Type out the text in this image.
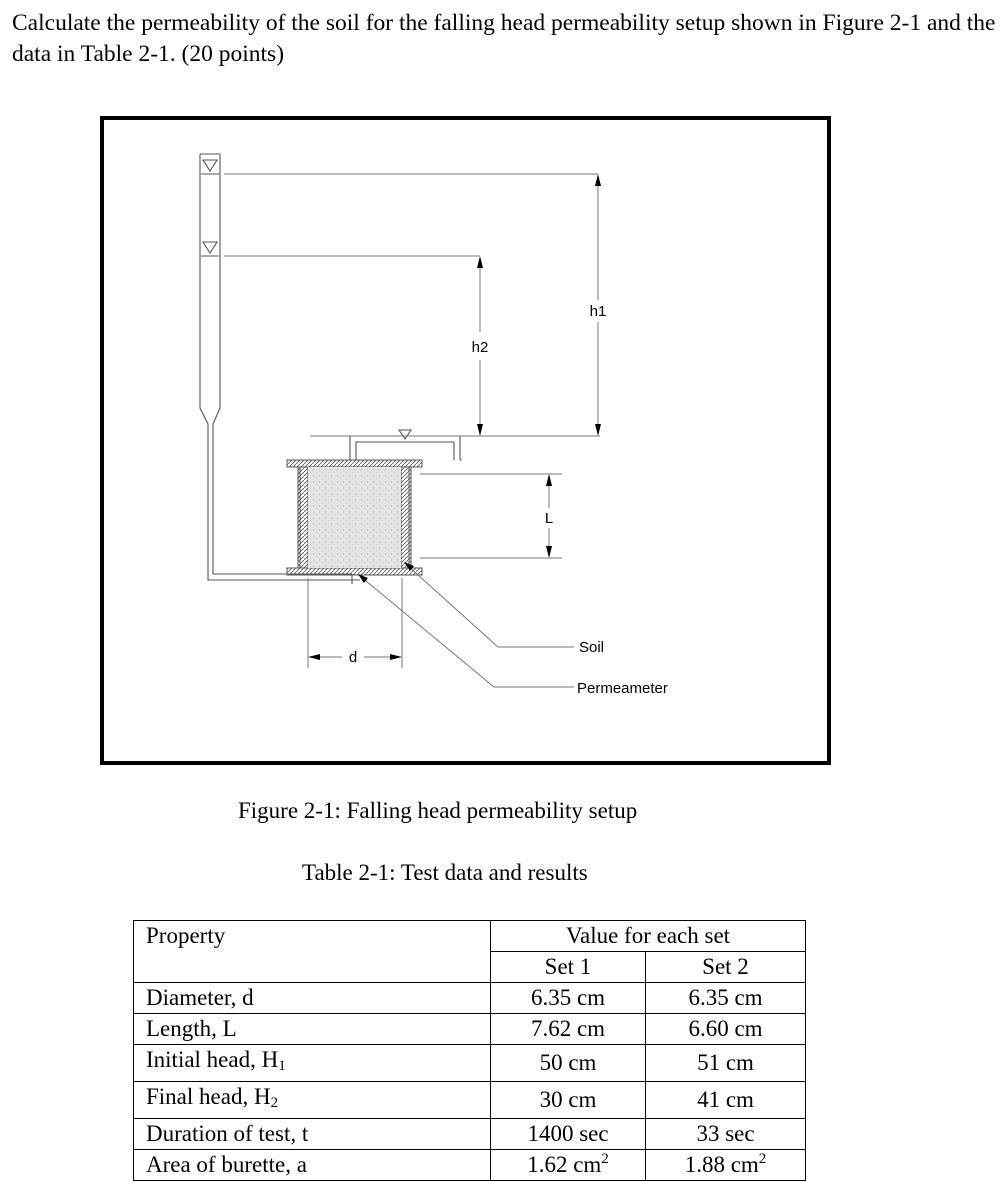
Calculate the permeability of the soil for the falling head permeability setup shown in Figure 2-1 and the data in Table 2-1. (20 points)
h1
h2
L
d
Soil
Permeameter
Figure 2-1: Falling head permeability setup
Table 2-1: Test data and results
Property	Value for each set	
	Set 1	Set 2
Diameter, d	6.35 cm	6.35 cm
Length, L	7.62 cm	6.60 cm
Initial head, $H_1$	50 cm	51 cm
Final head, $H_2$	30 cm	41 cm
Duration of test, t	1400 sec	33 sec
Area of burette, a	1.62 $cm^2$	1.88 $cm^2$
